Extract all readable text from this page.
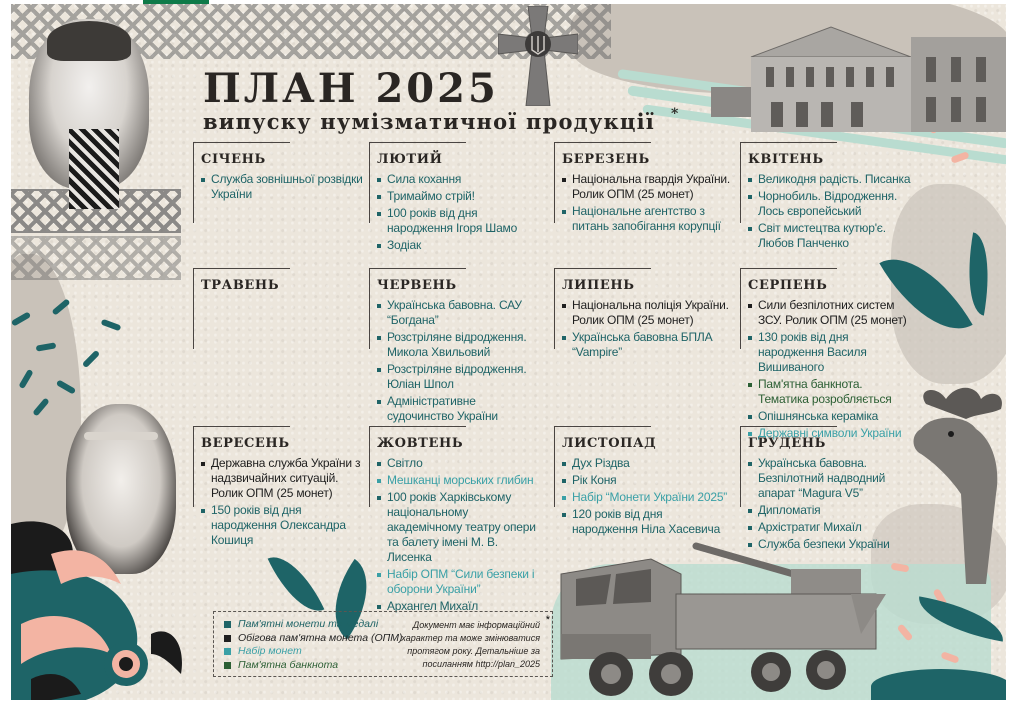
ПЛАН 2025
випуску нумізматичної продукції *
СІЧЕНЬ
Служба зовнішньої розвідки України
ЛЮТИЙ
Сила кохання
Тримаймо стрій!
100 років від дня народження Ігоря Шамо
Зодіак
БЕРЕЗЕНЬ
Національна гвардія України. Ролик ОПМ (25 монет)
Національне агентство з питань запобігання корупції
КВІТЕНЬ
Великодня радість. Писанка
Чорнобиль. Відродження. Лось європейський
Світ мистецтва кутюр'є. Любов Панченко
ТРАВЕНЬ	ЧЕРВЕНЬ
Українська бавовна. САУ “Богдана”
Розстріляне відродження. Микола Хвильовий
Розстріляне відродження. Юліан Шпол
Адміністративне судочинство України
ЛИПЕНЬ
Національна поліція України. Ролик ОПМ (25 монет)
Українська бавовна БПЛА “Vampire”
СЕРПЕНЬ
Сили безпілотних систем ЗСУ. Ролик ОПМ (25 монет)
130 років від дня народження Василя Вишиваного
Пам'ятна банкнота. Тематика розробляється
Опішнянська кераміка
Державні символи України
ВЕРЕСЕНЬ
Державна служба України з надзвичайних ситуацій. Ролик ОПМ (25 монет)
150 років від дня народження Олександра Кошиця
ЖОВТЕНЬ
Світло
Мешканці морських глибин
100 років Харківському національному академічному театру опери та балету імені М. В. Лисенка
Набір ОПМ “Сили безпеки і оборони України”
Архангел Михаїл
ЛИСТОПАД
Дух Різдва
Рік Коня
Набір “Монети України 2025”
120 років від дня народження Ніла Хасевича
ГРУДЕНЬ
Українська бавовна. Безпілотний надводний апарат “Magura V5”
Дипломатія
Архістратиг Михаїл
Служба безпеки України
Пам'ятні монети та медалі
Обігова пам'ятна монета (ОПМ)
Набір монет
Пам'ятна банкнота
Документ має інформаційний характер та може змінюватися протягом року. Детальніше за посиланням http://plan_2025
*
